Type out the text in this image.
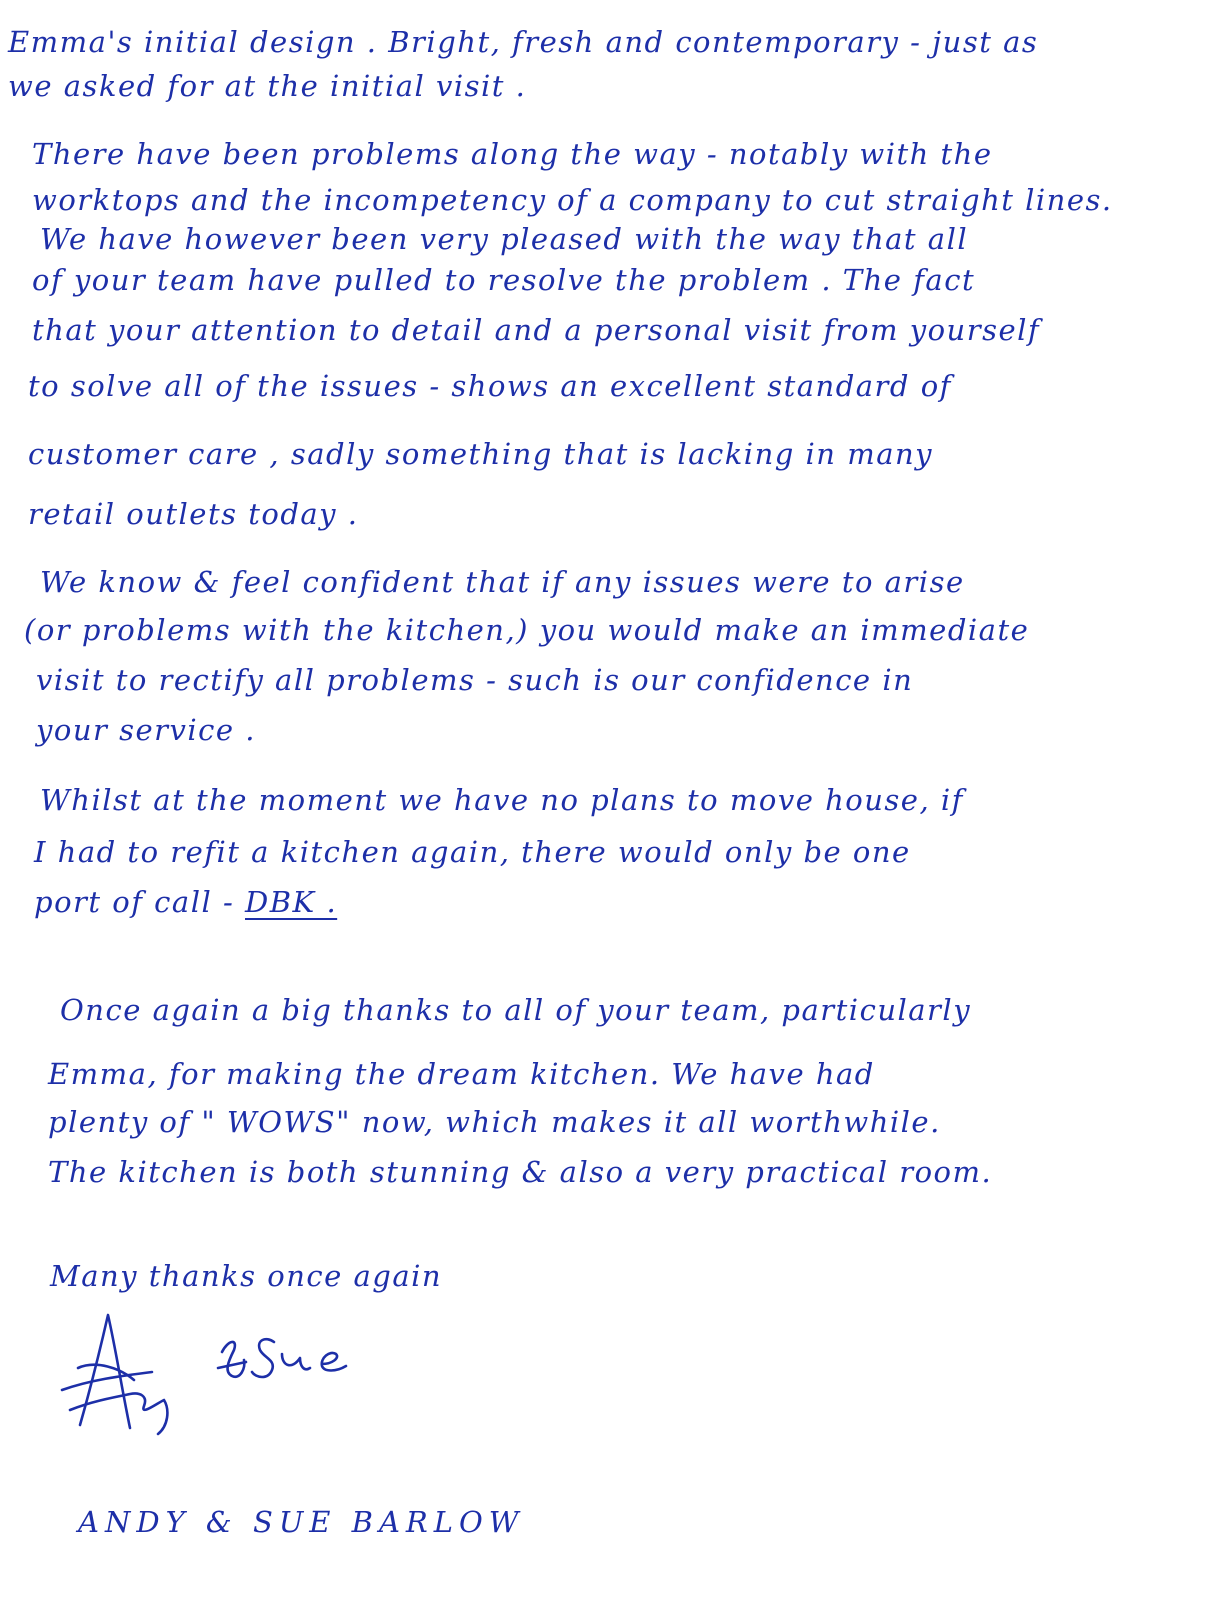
Emma's initial design . Bright, fresh and contemporary - just as
we asked for at the initial visit .
There have been problems along the way - notably with the
worktops and the incompetency of a company to cut straight lines.
We have however been very pleased with the way that all
of your team have pulled to resolve the problem . The fact
that your attention to detail and a personal visit from yourself
to solve all of the issues - shows an excellent standard of
customer care , sadly something that is lacking in many
retail outlets today .
We know & feel confident that if any issues were to arise
(or problems with the kitchen,) you would make an immediate
visit to rectify all problems - such is our confidence in
your service .
Whilst at the moment we have no plans to move house, if
I had to refit a kitchen again, there would only be one
port of call - DBK .
Once again a big thanks to all of your team, particularly
Emma, for making the dream kitchen. We have had
plenty of " WOWS" now, which makes it all worthwhile.
The kitchen is both stunning & also a very practical room.
Many thanks once again
ANDY & SUE BARLOW
